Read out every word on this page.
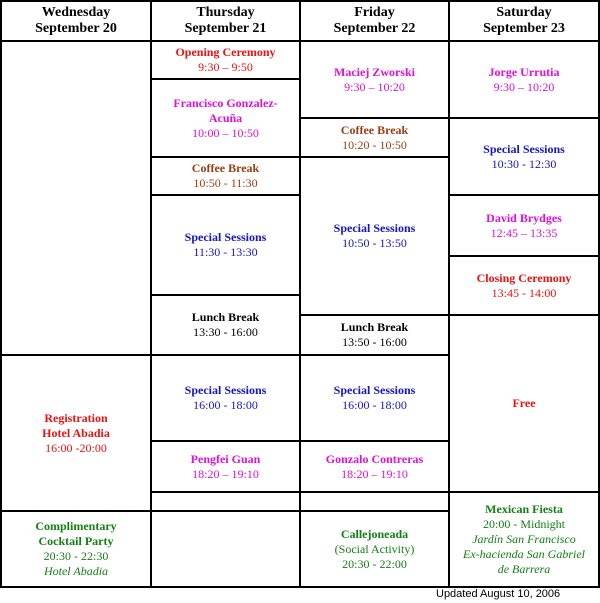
Wednesday
September 20
Thursday
September 21
Friday
September 22
Saturday
September 23
Registration
Hotel Abadia
16:00 -20:00
Complimentary
Cocktail Party
20:30 - 22:30
Hotel Abadia
Opening Ceremony
9:30 – 9:50
Francisco Gonzalez-
Acuña
10:00 – 10:50
Coffee Break
10:50 - 11:30
Special Sessions
11:30 - 13:30
Lunch Break
13:30 - 16:00
Special Sessions
16:00 - 18:00
Pengfei Guan
18:20 – 19:10
Maciej Zworski
9:30 – 10:20
Coffee Break
10:20 - 10:50
Special Sessions
10:50 - 13:50
Lunch Break
13:50 - 16:00
Special Sessions
16:00 - 18:00
Gonzalo Contreras
18:20 – 19:10
Callejoneada
(Social Activity)
20:30 - 22:00
Jorge Urrutia
9:30 – 10:20
Special Sessions
10:30 - 12:30
David Brydges
12:45 – 13:35
Closing Ceremony
13:45 - 14:00
Free
Mexican Fiesta
20:00 - Midnight
Jardín San Francisco
Ex-hacienda San Gabriel
de Barrera
Updated August 10, 2006
